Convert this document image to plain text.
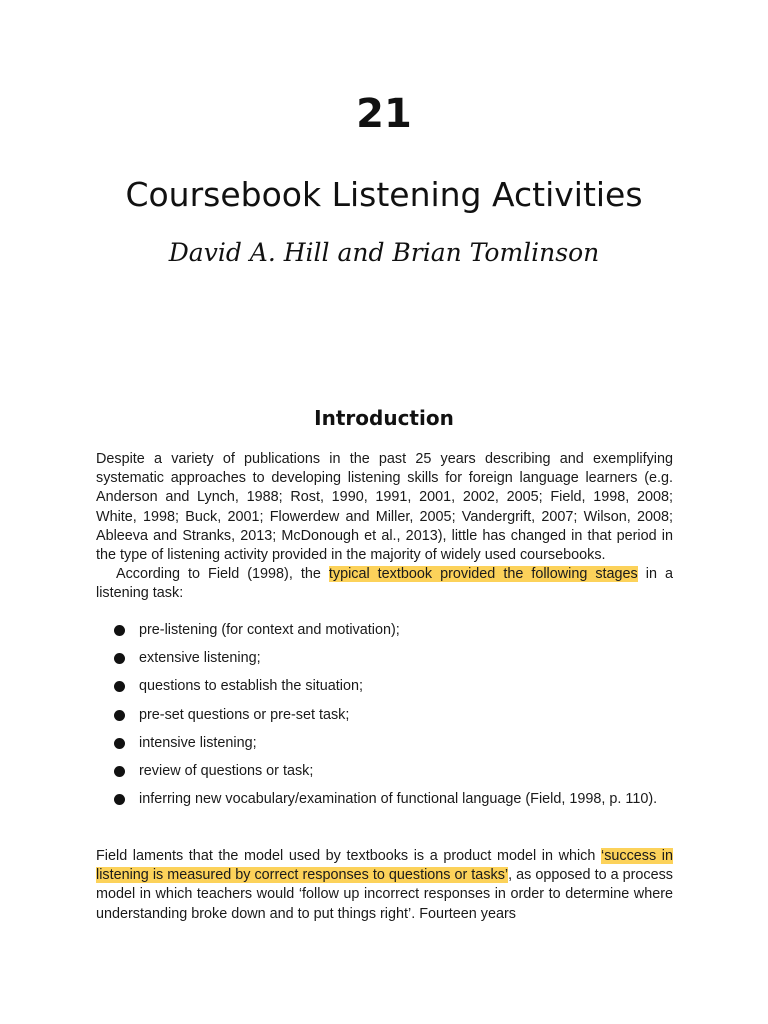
21
Coursebook Listening Activities
David A. Hill and Brian Tomlinson
Introduction

Despite a variety of publications in the past 25 years describing and exemplifying systematic approaches to developing listening skills for foreign language learners (e.g. Anderson and Lynch, 1988; Rost, 1990, 1991, 2001, 2002, 2005; Field, 1998, 2008; White, 1998; Buck, 2001; Flowerdew and Miller, 2005; Vandergrift, 2007; Wilson, 2008; Ableeva and Stranks, 2013; McDonough et al., 2013), little has changed in that period in the type of listening activity provided in the majority of widely used coursebooks.

According to Field (1998), the typical textbook provided the following stages in a listening task:

pre-listening (for context and motivation);
extensive listening;
questions to establish the situation;
pre-set questions or pre-set task;
intensive listening;
review of questions or task;
inferring new vocabulary/examination of functional language (Field, 1998, p. 110).

Field laments that the model used by textbooks is a product model in which ‘success in listening is measured by correct responses to questions or tasks’, as opposed to a process model in which teachers would ‘follow up incorrect responses in order to determine where understanding broke down and to put things right’. Fourteen years
